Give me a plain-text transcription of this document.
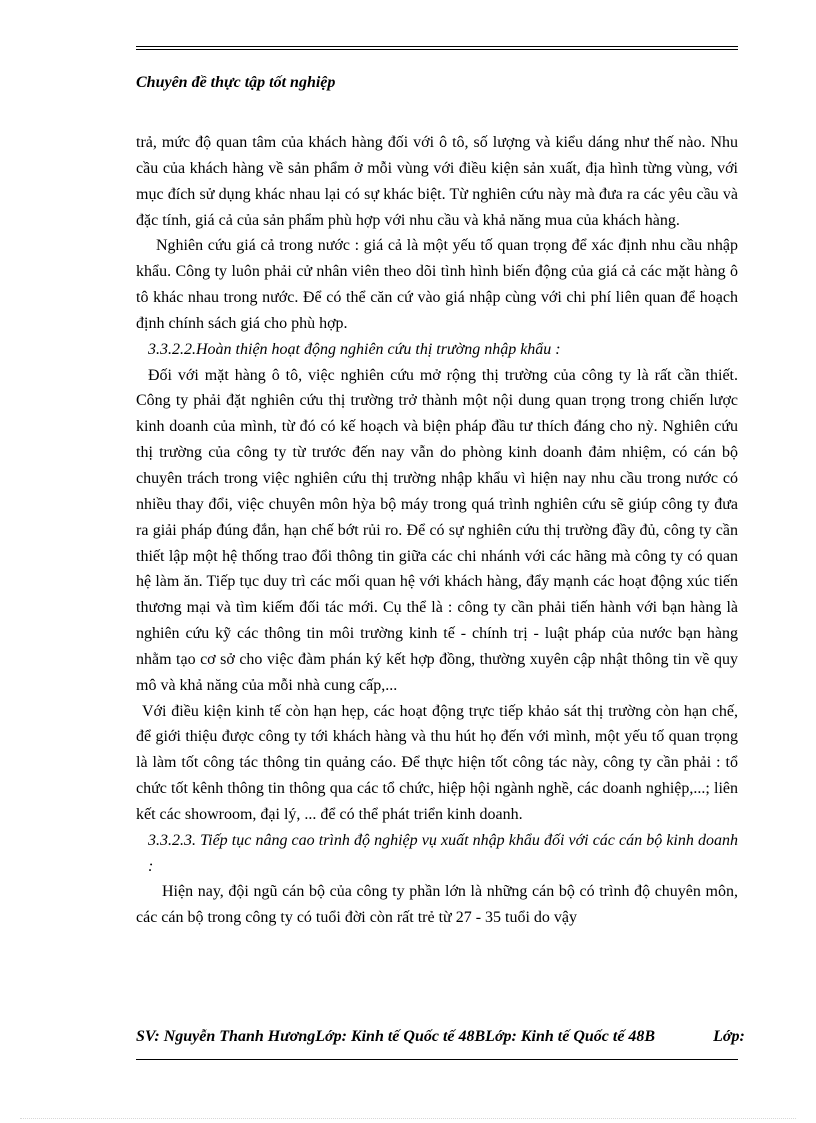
Chuyên đề thực tập tốt nghiệp

trả, mức độ quan tâm của khách hàng đối với ô tô, số lượng và kiểu dáng như thế nào. Nhu cầu của khách hàng về sản phẩm ở mỗi vùng với điều kiện sản xuất, địa hình từng vùng, với mục đích sử dụng khác nhau lại có sự khác biệt. Từ nghiên cứu này mà đưa ra các yêu cầu và đặc tính, giá cả của sản phẩm phù hợp với nhu cầu và khả năng mua của khách hàng.

Nghiên cứu giá cả trong nước : giá cả là một yếu tố quan trọng để xác định nhu cầu nhập khẩu. Công ty luôn phải cử nhân viên theo dõi tình hình biến động của giá cả các mặt hàng ô tô khác nhau trong nước. Để có thể căn cứ vào giá nhập cùng với chi phí liên quan để hoạch định chính sách giá cho phù hợp.

3.3.2.2.Hoàn thiện hoạt động nghiên cứu thị trường nhập khẩu :

Đối với mặt hàng ô tô, việc nghiên cứu mở rộng thị trường của công ty là rất cần thiết. Công ty phải đặt nghiên cứu thị trường trở thành một nội dung quan trọng trong chiến lược kinh doanh của mình, từ đó có kế hoạch và biện pháp đầu tư thích đáng cho nỳ. Nghiên cứu thị trường của công ty từ trước đến nay vẫn do phòng kinh doanh đảm nhiệm, có cán bộ chuyên trách trong việc nghiên cứu thị trường nhập khẩu vì hiện nay nhu cầu trong nước có nhiều thay đổi, việc chuyên môn hỳa bộ máy trong quá trình nghiên cứu sẽ giúp công ty đưa ra giải pháp đúng đắn, hạn chế bớt rủi ro. Để có sự nghiên cứu thị trường đầy đủ, công ty cần thiết lập một hệ thống trao đổi thông tin giữa các chi nhánh với các hãng mà công ty có quan hệ làm ăn. Tiếp tục duy trì các mối quan hệ với khách hàng, đẩy mạnh các hoạt động xúc tiến thương mại và tìm kiếm đối tác mới. Cụ thể là : công ty cần phải tiến hành với bạn hàng là nghiên cứu kỹ các thông tin môi trường kinh tế - chính trị - luật pháp của nước bạn hàng nhằm tạo cơ sở cho việc đàm phán ký kết hợp đồng, thường xuyên cập nhật thông tin về quy mô và khả năng của mỗi nhà cung cấp,...

Với điều kiện kinh tế còn hạn hẹp, các hoạt động trực tiếp khảo sát thị trường còn hạn chế, để giới thiệu được công ty tới khách hàng và thu hút họ đến với mình, một yếu tố quan trọng là làm tốt công tác thông tin quảng cáo. Để thực hiện tốt công tác này, công ty cần phải : tổ chức tốt kênh thông tin thông qua các tổ chức, hiệp hội ngành nghề, các doanh nghiệp,...; liên kết các showroom, đại lý, ... để có thể phát triển kinh doanh.

3.3.2.3. Tiếp tục nâng cao trình độ nghiệp vụ xuất nhập khẩu đối với các cán bộ kinh doanh :

Hiện nay, đội ngũ cán bộ của công ty phần lớn là những cán bộ có trình độ chuyên môn, các cán bộ trong công ty có tuổi đời còn rất trẻ từ 27 - 35 tuổi do vậy

SV: Nguyễn Thanh HươngLớp: Kinh tế Quốc tế 48BLớp: Kinh tế Quốc tế 48B	Lớp:
